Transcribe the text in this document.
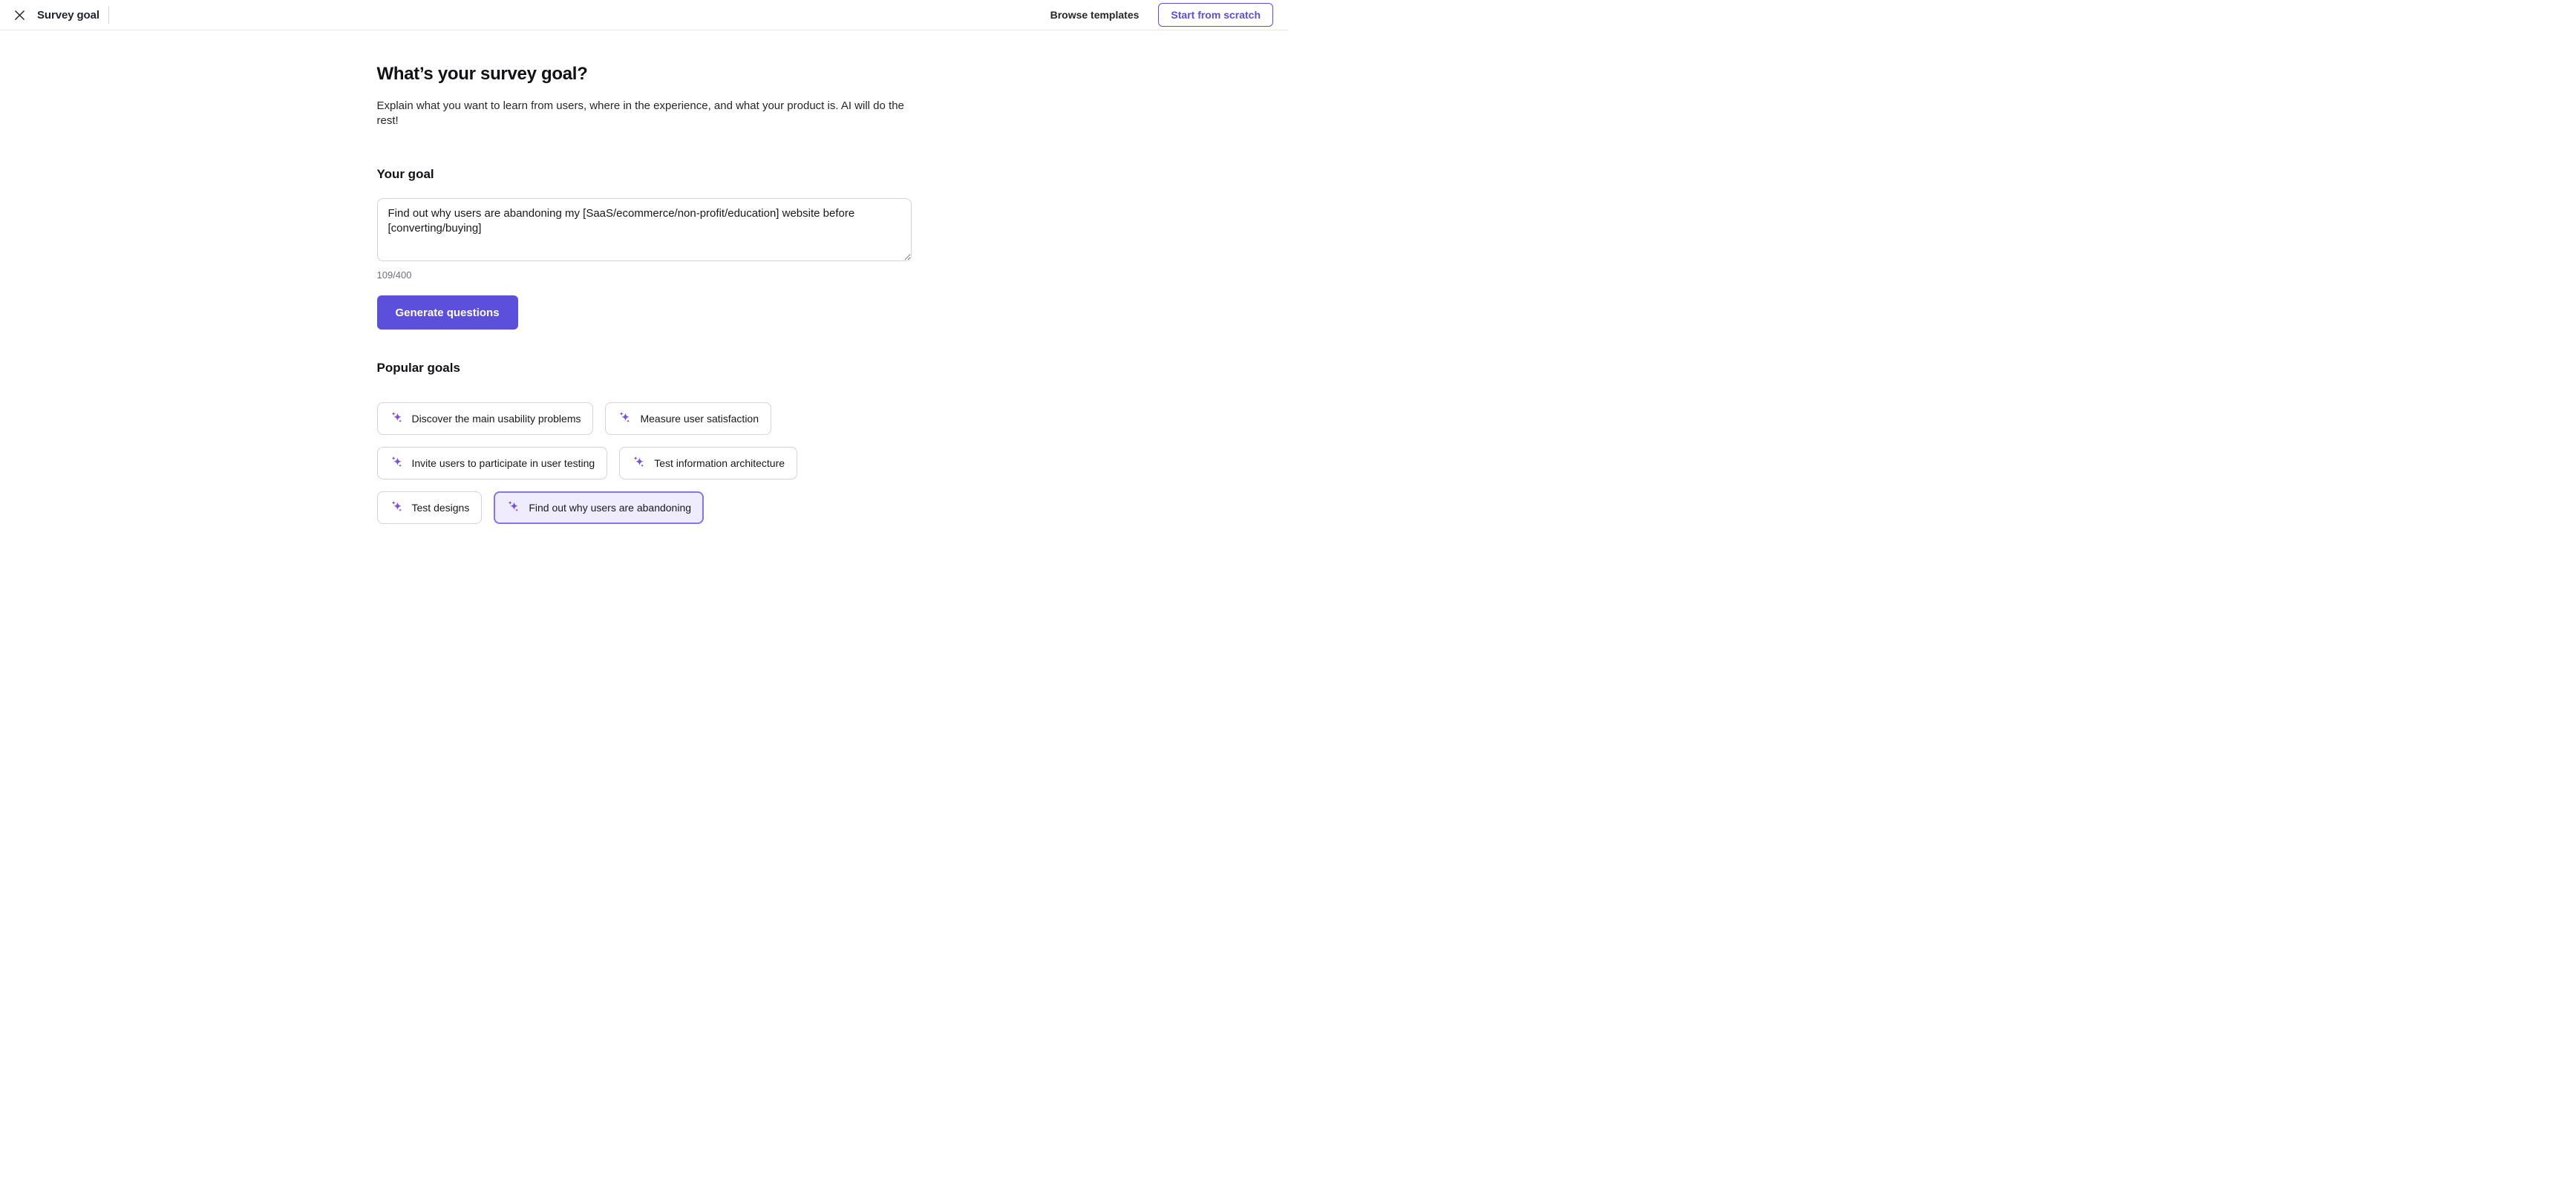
Survey goal	Browse templates	Start from scratch
What’s your survey goal?

Explain what you want to learn from users, where in the experience, and what your product is. AI will do the rest!

Your goal
Find out why users are abandoning my [SaaS/ecommerce/non-profit/education] website before [converting/buying]
109/400
Generate questions
Popular goals
Discover the main usability problems	Measure user satisfaction
Invite users to participate in user testing	Test information architecture
Test designs	Find out why users are abandoning
